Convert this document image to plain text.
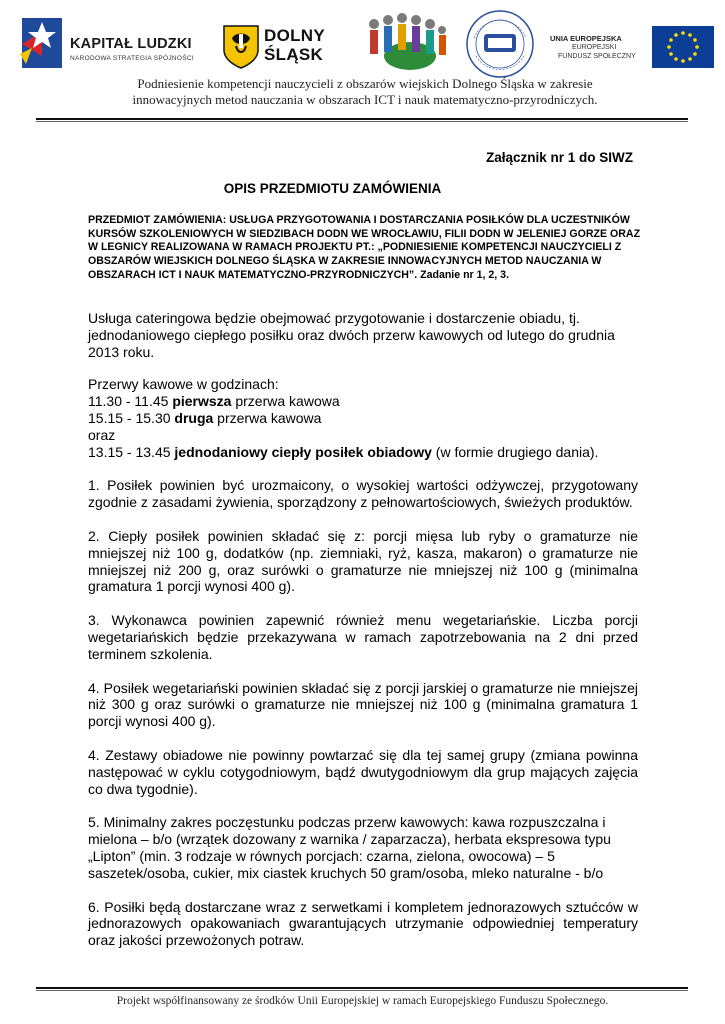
KAPITAŁ LUDZKI
NARODOWA STRATEGIA SPÓJNOŚCI
DOLNY
ŚLĄSK
UNIA EUROPEJSKA
EUROPEJSKI
FUNDUSZ SPOŁECZNY
Podniesienie kompetencji nauczycieli z obszarów wiejskich Dolnego Śląska w zakresie
innowacyjnych metod nauczania w obszarach ICT i nauk matematyczno-przyrodniczych.
Załącznik nr 1 do SIWZ
OPIS PRZEDMIOTU ZAMÓWIENIA
PRZEDMIOT ZAMÓWIENIA: USŁUGA PRZYGOTOWANIA I DOSTARCZANIA POSIŁKÓW DLA UCZESTNIKÓW KURSÓW SZKOLENIOWYCH W SIEDZIBACH DODN WE WROCŁAWIU, FILII DODN W JELENIEJ GORZE ORAZ W LEGNICY REALIZOWANA W RAMACH PROJEKTU PT.: „PODNIESIENIE KOMPETENCJI NAUCZYCIELI Z OBSZARÓW WIEJSKICH DOLNEGO ŚLĄSKA W ZAKRESIE INNOWACYJNYCH METOD NAUCZANIA W OBSZARACH ICT I NAUK MATEMATYCZNO-PRZYRODNICZYCH”. Zadanie nr 1, 2, 3.

Usługa cateringowa będzie obejmować przygotowanie i dostarczenie obiadu, tj. jednodaniowego ciepłego posiłku oraz dwóch przerw kawowych od lutego do grudnia 2013 roku.

Przerwy kawowe w godzinach:

11.30 - 11.45 pierwsza przerwa kawowa

15.15 - 15.30 druga przerwa kawowa

oraz

13.15 - 13.45 jednodaniowy ciepły posiłek obiadowy (w formie drugiego dania).

1. Posiłek powinien być urozmaicony, o wysokiej wartości odżywczej, przygotowany zgodnie z zasadami żywienia, sporządzony z pełnowartościowych, świeżych produktów.

2. Ciepły posiłek powinien składać się z: porcji mięsa lub ryby o gramaturze nie mniejszej niż 100 g, dodatków (np. ziemniaki, ryż, kasza, makaron) o gramaturze nie mniejszej niż 200 g, oraz surówki o gramaturze nie mniejszej niż 100 g (minimalna gramatura 1 porcji wynosi 400 g).

3. Wykonawca powinien zapewnić również menu wegetariańskie. Liczba porcji wegetariańskich będzie przekazywana w ramach zapotrzebowania na 2 dni przed terminem szkolenia.

4. Posiłek wegetariański powinien składać się z porcji jarskiej o gramaturze nie mniejszej niż 300 g oraz surówki o gramaturze nie mniejszej niż 100 g (minimalna gramatura 1 porcji wynosi 400 g).

4. Zestawy obiadowe nie powinny powtarzać się dla tej samej grupy (zmiana powinna następować w cyklu cotygodniowym, bądź dwutygodniowym dla grup mających zajęcia co dwa tygodnie).

5. Minimalny zakres poczęstunku podczas przerw kawowych: kawa rozpuszczalna i

mielona – b/o (wrzątek dozowany z warnika / zaparzacza), herbata ekspresowa typu

„Lipton” (min. 3 rodzaje w równych porcjach: czarna, zielona, owocowa) – 5

saszetek/osoba, cukier, mix ciastek kruchych 50 gram/osoba, mleko naturalne - b/o

6. Posiłki będą dostarczane wraz z serwetkami i kompletem jednorazowych sztućców w jednorazowych opakowaniach gwarantujących utrzymanie odpowiedniej temperatury oraz jakości przewożonych potraw.

Projekt współfinansowany ze środków Unii Europejskiej w ramach Europejskiego Funduszu Społecznego.
